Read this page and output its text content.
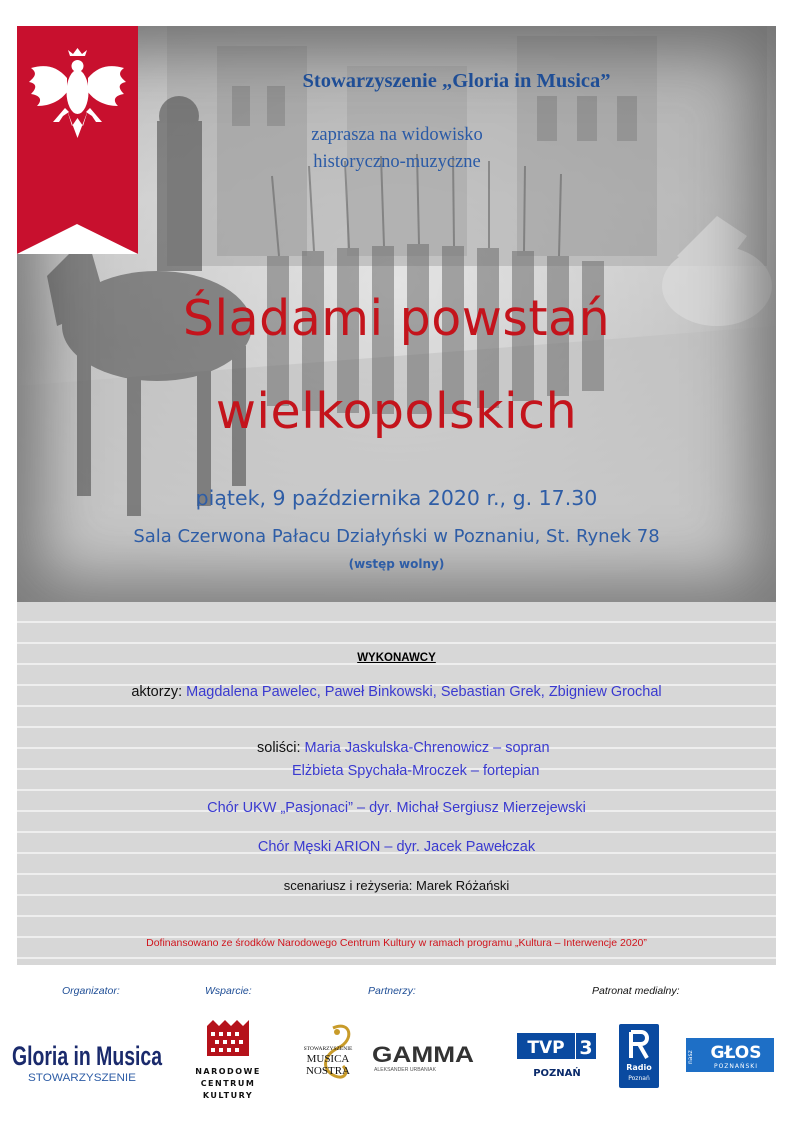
Stowarzyszenie „Gloria in Musica”
zaprasza na widowisko
historyczno-muzyczne
Śladami powstań
wielkopolskich
piątek, 9 października 2020 r., g. 17.30
Sala Czerwona Pałacu Działyński w Poznaniu, St. Rynek 78
(wstęp wolny)
WYKONAWCY
aktorzy: Magdalena Pawelec, Paweł Binkowski, Sebastian Grek, Zbigniew Grochal
soliści: Maria Jaskulska-Chrenowicz – sopran
Elżbieta Spychała-Mroczek – fortepian
Chór UKW „Pasjonaci” – dyr. Michał Sergiusz Mierzejewski
Chór Męski ARION – dyr. Jacek Pawełczak
scenariusz i reżyseria: Marek Różański
Dofinansowano ze środków Narodowego Centrum Kultury w ramach programu „Kultura – Interwencje 2020”
Organizator:	Wsparcie:	Partnerzy:	Patronat medialny:
Gloria in Musica
STOWARZYSZENIE
NARODOWE
CENTRUM
KULTURY
STOWARZYSZENIE
MUSICA
NOSTRA
GAMMA
ALEKSANDER URBANIAK
TVP 3
POZNAŃ
Radio
Poznań
nasz GŁOS
POZNAŃSKI
